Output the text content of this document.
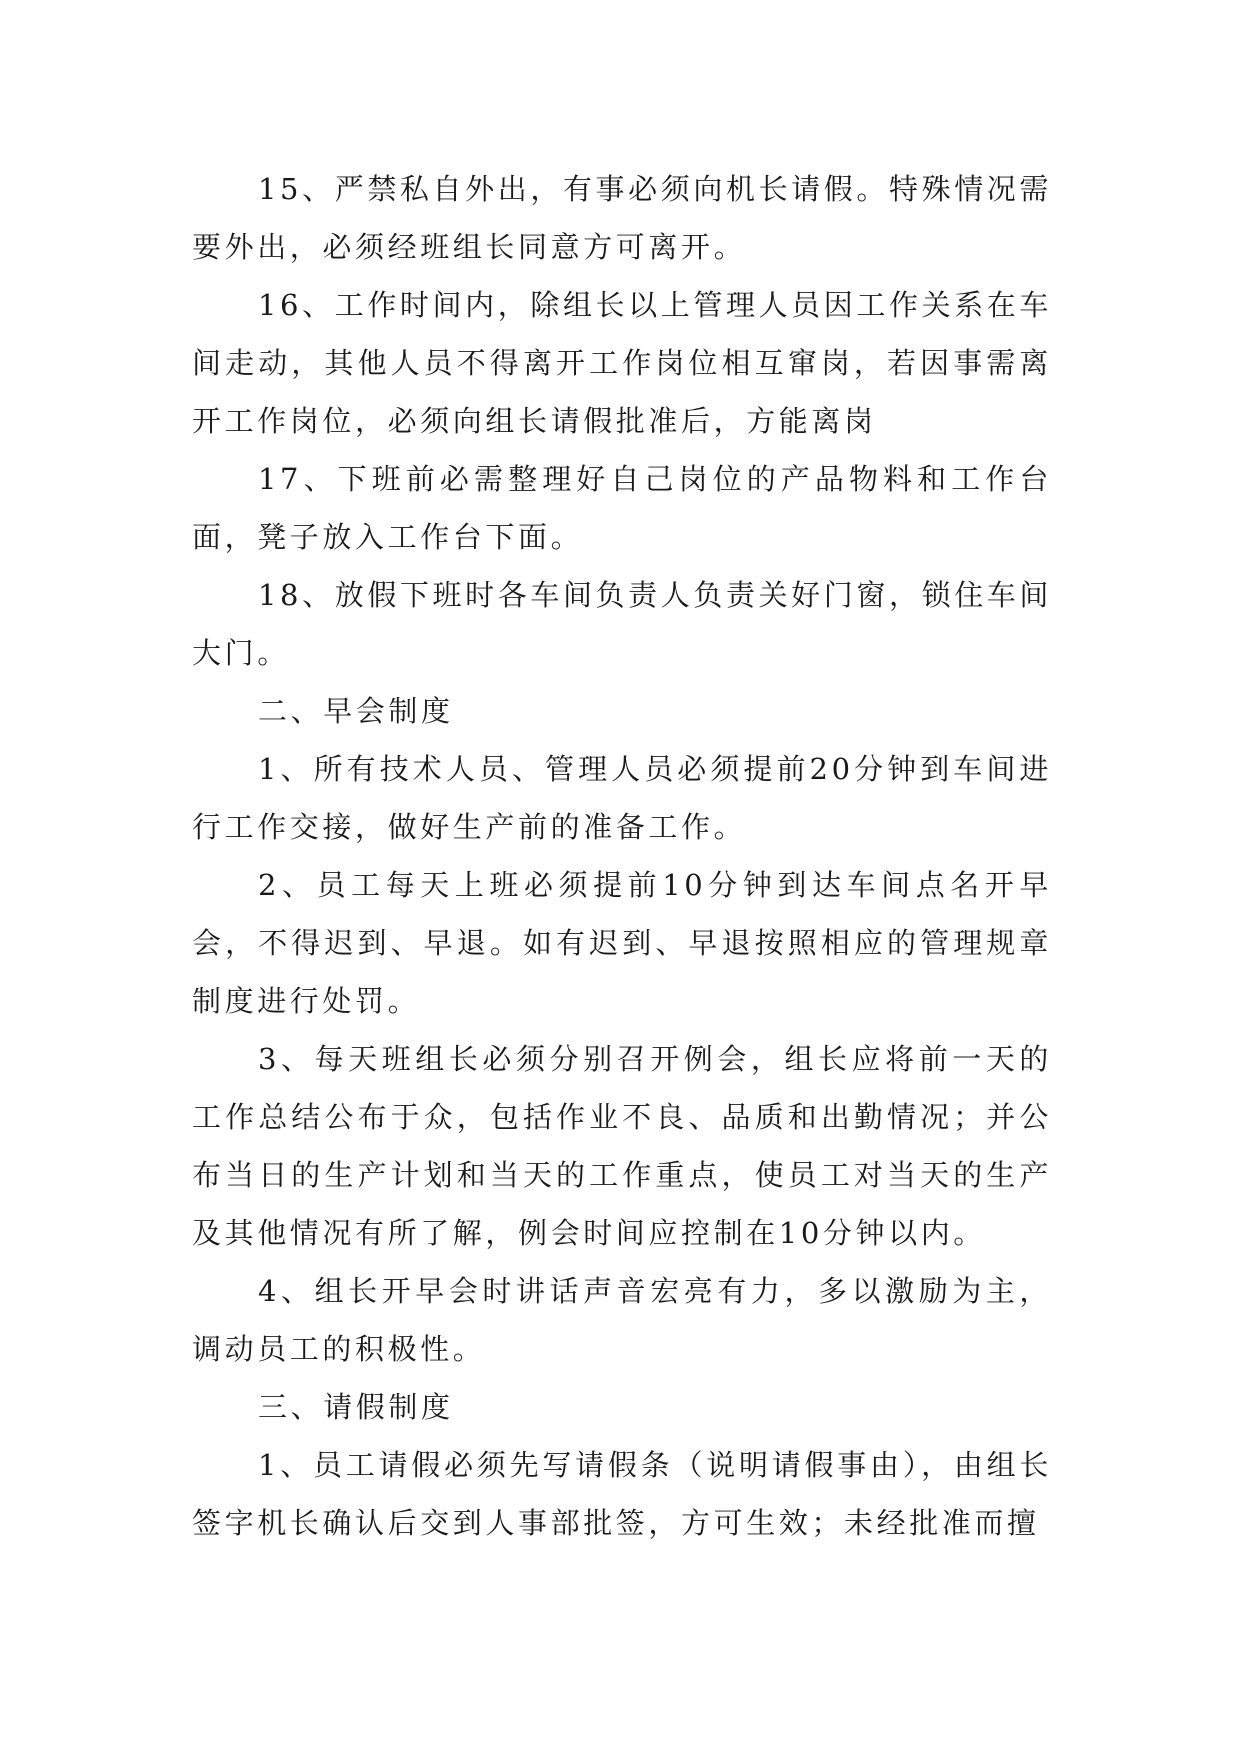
15、严禁私自外出，有事必须向机长请假。特殊情况需要外出，必须经班组长同意方可离开。

16、工作时间内，除组长以上管理人员因工作关系在车间走动，其他人员不得离开工作岗位相互窜岗，若因事需离开工作岗位，必须向组长请假批准后，方能离岗

17、下班前必需整理好自己岗位的产品物料和工作台面，凳子放入工作台下面。

18、放假下班时各车间负责人负责关好门窗，锁住车间大门。

二、早会制度

1、所有技术人员、管理人员必须提前20分钟到车间进行工作交接，做好生产前的准备工作。

2、员工每天上班必须提前10分钟到达车间点名开早会，不得迟到、早退。如有迟到、早退按照相应的管理规章制度进行处罚。

3、每天班组长必须分别召开例会，组长应将前一天的工作总结公布于众，包括作业不良、品质和出勤情况；并公布当日的生产计划和当天的工作重点，使员工对当天的生产及其他情况有所了解，例会时间应控制在10分钟以内。

4、组长开早会时讲话声音宏亮有力，多以激励为主，调动员工的积极性。

三、请假制度

1、员工请假必须先写请假条（说明请假事由），由组长签字机长确认后交到人事部批签，方可生效；未经批准而擅
